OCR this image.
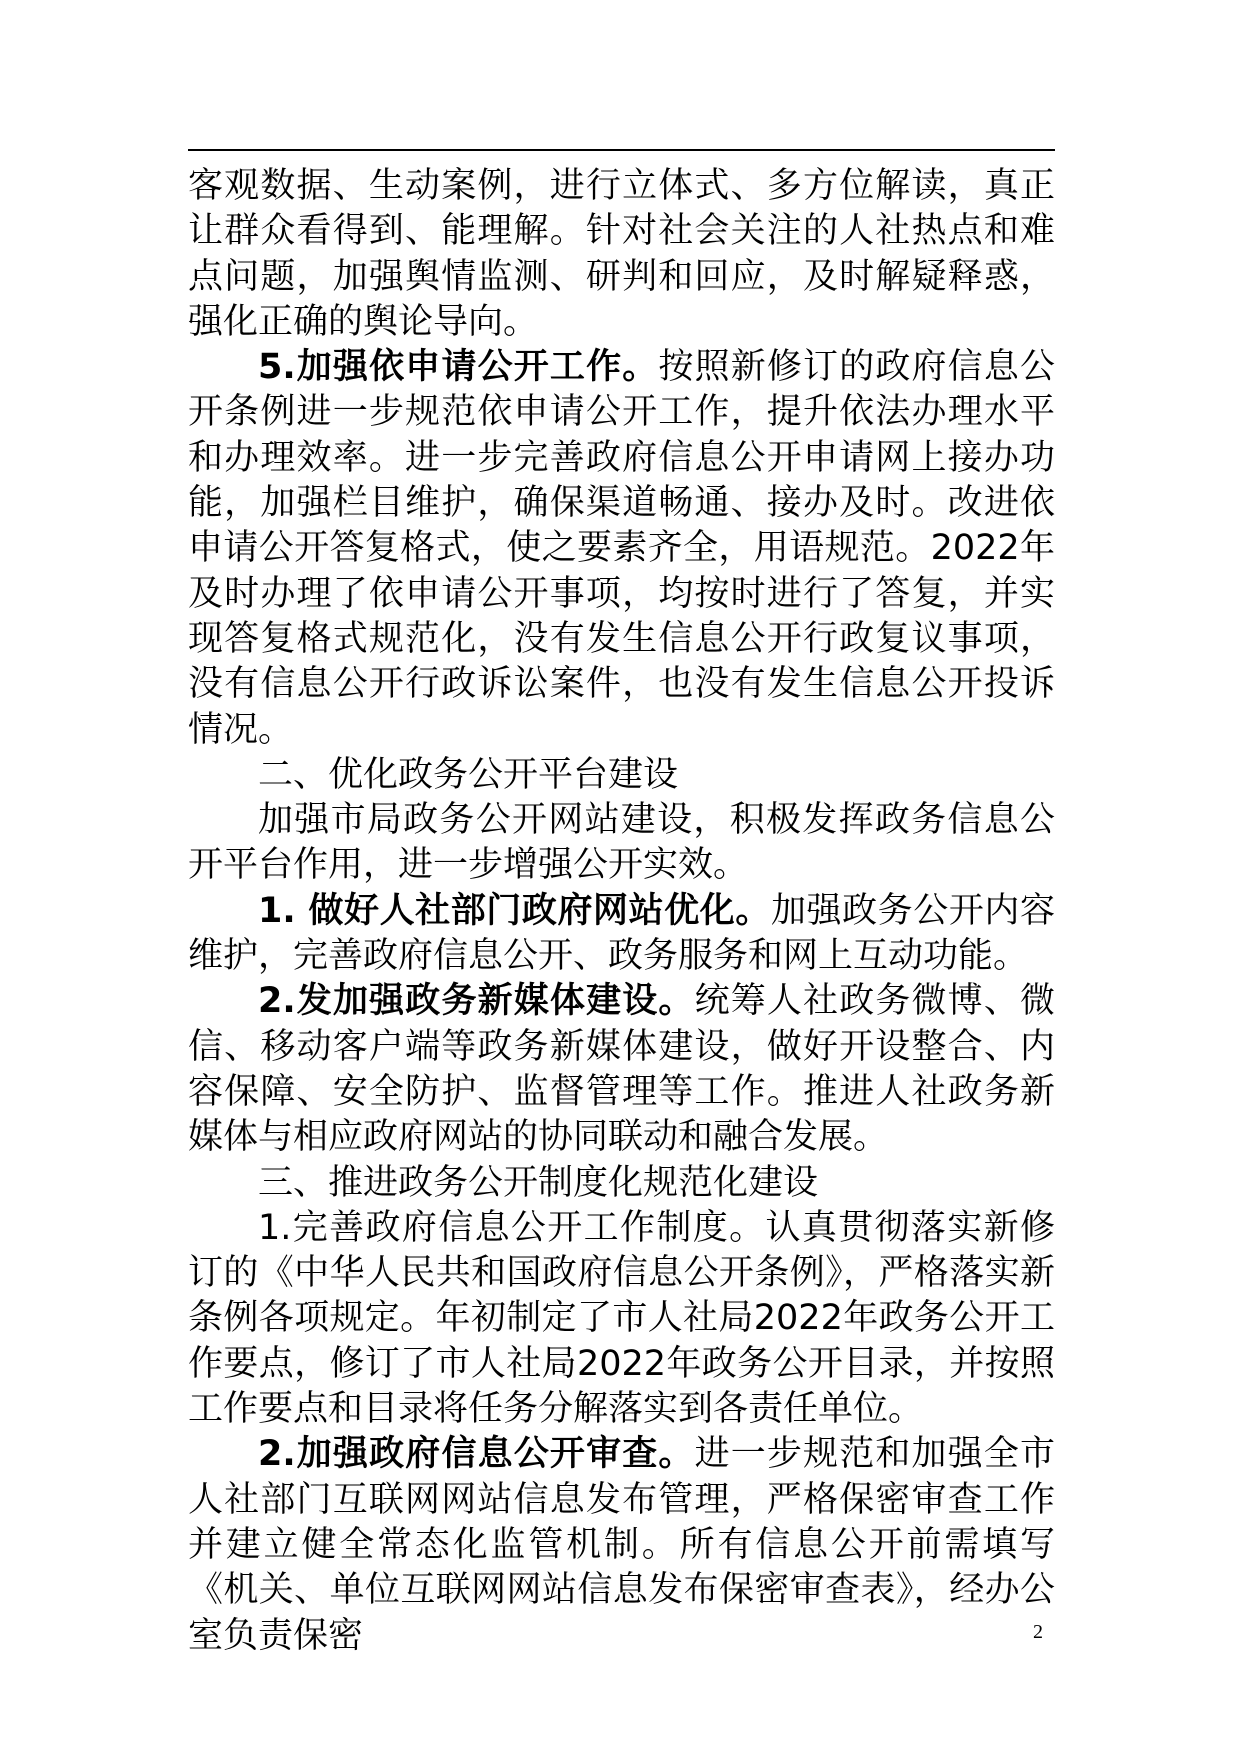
客观数据、生动案例，进行立体式、多方位解读，真正让群众看得到、能理解。针对社会关注的人社热点和难点问题，加强舆情监测、研判和回应，及时解疑释惑，强化正确的舆论导向。

5.加强依申请公开工作。按照新修订的政府信息公开条例进一步规范依申请公开工作，提升依法办理水平和办理效率。进一步完善政府信息公开申请网上接办功能，加强栏目维护，确保渠道畅通、接办及时。改进依申请公开答复格式，使之要素齐全，用语规范。2022年及时办理了依申请公开事项，均按时进行了答复，并实现答复格式规范化，没有发生信息公开行政复议事项，没有信息公开行政诉讼案件，也没有发生信息公开投诉情况。

二、优化政务公开平台建设

加强市局政务公开网站建设，积极发挥政务信息公开平台作用，进一步增强公开实效。

1. 做好人社部门政府网站优化。加强政务公开内容维护，完善政府信息公开、政务服务和网上互动功能。

2.发加强政务新媒体建设。统筹人社政务微博、微信、移动客户端等政务新媒体建设，做好开设整合、内容保障、安全防护、监督管理等工作。推进人社政务新媒体与相应政府网站的协同联动和融合发展。

三、推进政务公开制度化规范化建设

1.完善政府信息公开工作制度。认真贯彻落实新修订的《中华人民共和国政府信息公开条例》，严格落实新条例各项规定。年初制定了市人社局2022年政务公开工作要点，修订了市人社局2022年政务公开目录，并按照工作要点和目录将任务分解落实到各责任单位。

2.加强政府信息公开审查。进一步规范和加强全市人社部门互联网网站信息发布管理，严格保密审查工作并建立健全常态化监管机制。所有信息公开前需填写《机关、单位互联网网站信息发布保密审查表》，经办公室负责保密	2
